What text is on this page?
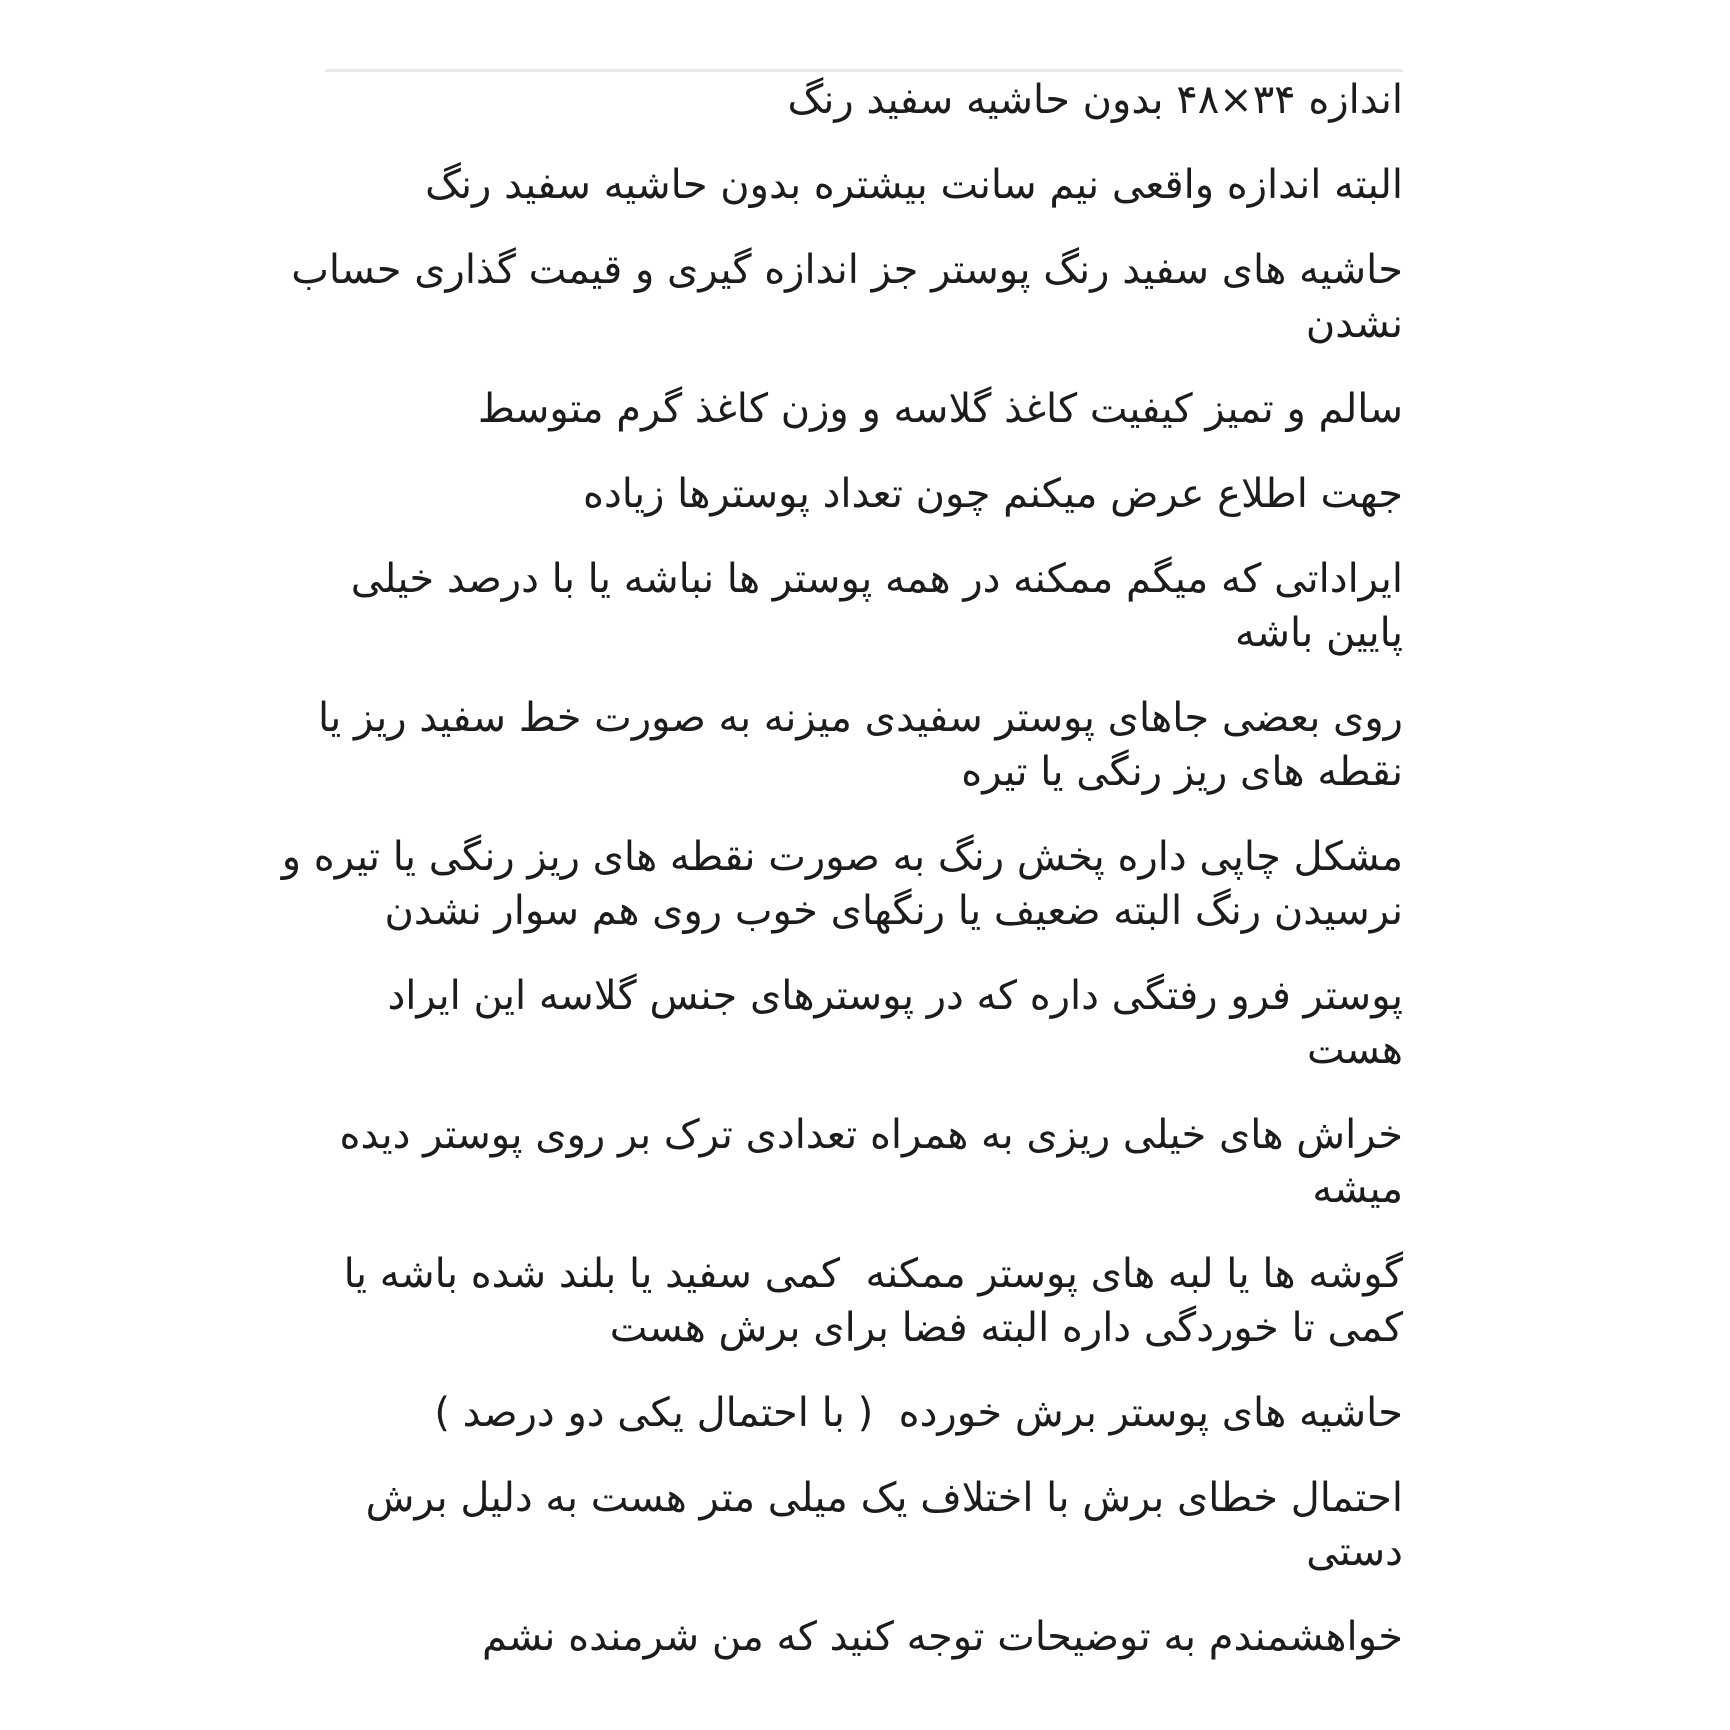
اندازه ۳۴×۴۸ بدون حاشیه سفید رنگ

البته اندازه واقعی نیم سانت بیشتره بدون حاشیه سفید رنگ

حاشیه های سفید رنگ پوستر جز اندازه گیری و قیمت گذاری حساب
نشدن

سالم و تمیز کیفیت کاغذ گلاسه و وزن کاغذ گرم متوسط

جهت اطلاع عرض میکنم چون تعداد پوسترها زیاده

ایراداتی که میگم ممکنه در همه پوستر ها نباشه یا با درصد خیلی
پایین باشه

روی بعضی جاهای پوستر سفیدی میزنه به صورت خط سفید ریز یا
نقطه های ریز رنگی یا تیره

مشکل چاپی داره پخش رنگ به صورت نقطه های ریز رنگی یا تیره و
نرسیدن رنگ البته ضعیف یا رنگهای خوب روی هم سوار نشدن

پوستر فرو رفتگی داره که در پوسترهای جنس گلاسه این ایراد
هست

خراش های خیلی ریزی به همراه تعدادی ترک بر روی پوستر دیده
میشه

گوشه ها یا لبه های پوستر ممکنه  کمی سفید یا بلند شده باشه یا
کمی تا خوردگی داره البته فضا برای برش هست

حاشیه های پوستر برش خورده  ( با احتمال یکی دو درصد )

احتمال خطای برش با اختلاف یک میلی متر هست به دلیل برش
دستی

خواهشمندم به توضیحات توجه کنید که من شرمنده نشم
